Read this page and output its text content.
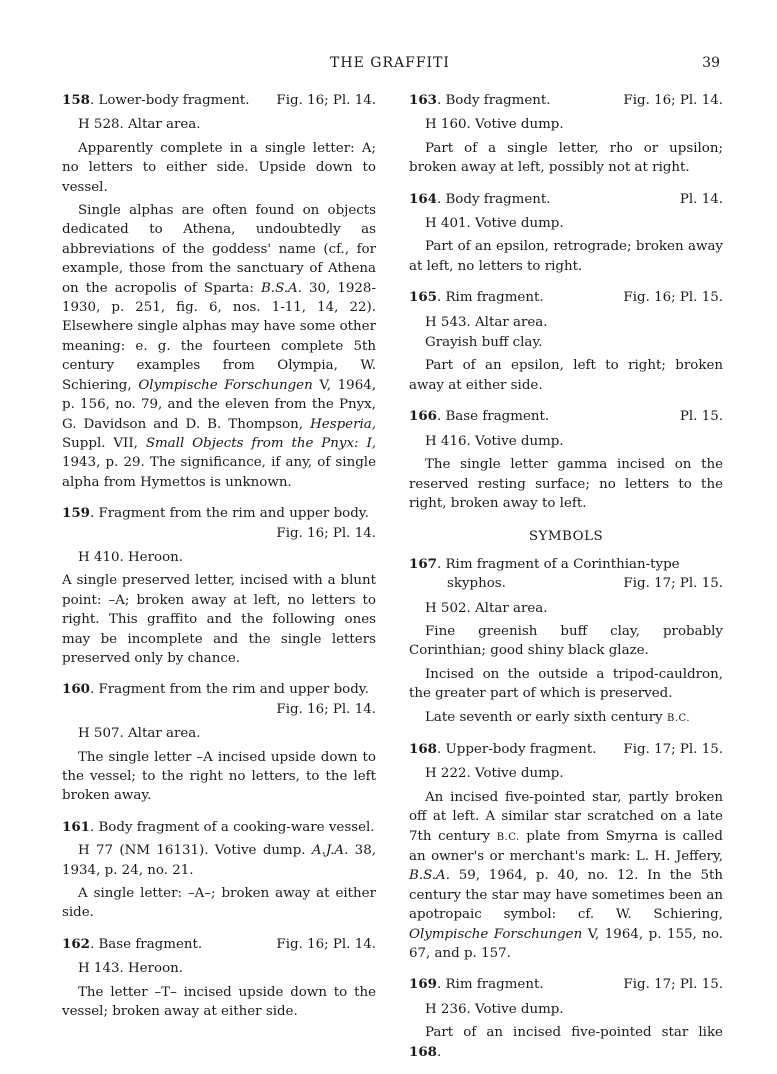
THE GRAFFITI	39
158. Lower-body fragment. Fig. 16; Pl. 14.
H 528. Altar area.

Apparently complete in a single letter: A; no letters to either side. Upside down to vessel.

Single alphas are often found on objects dedicated to Athena, undoubtedly as abbreviations of the goddess' name (cf., for example, those from the sanctuary of Athena on the acropolis of Sparta: B.S.A. 30, 1928-1930, p. 251, fig. 6, nos. 1-11, 14, 22). Elsewhere single alphas may have some other meaning: e. g. the fourteen complete 5th century examples from Olympia, W. Schiering, Olympische Forschungen V, 1964, p. 156, no. 79, and the eleven from the Pnyx, G. Davidson and D. B. Thompson, Hesperia, Suppl. VII, Small Objects from the Pnyx: I, 1943, p. 29. The significance, if any, of single alpha from Hymettos is unknown.

159. Fragment from the rim and upper body.
Fig. 16; Pl. 14.
H 410. Heroon.

A single preserved letter, incised with a blunt point: –A; broken away at left, no letters to right. This graffito and the following ones may be incomplete and the single letters preserved only by chance.

160. Fragment from the rim and upper body.
Fig. 16; Pl. 14.
H 507. Altar area.

The single letter –A incised upside down to the vessel; to the right no letters, to the left broken away.

161. Body fragment of a cooking-ware vessel.

H 77 (NM 16131). Votive dump. A.J.A. 38, 1934, p. 24, no. 21.

A single letter: –A–; broken away at either side.

162. Base fragment.	Fig. 16; Pl. 14.
H 143. Heroon.

The letter –T– incised upside down to the vessel; broken away at either side.

163. Body fragment.	Fig. 16; Pl. 14.
H 160. Votive dump.

Part of a single letter, rho or upsilon; broken away at left, possibly not at right.

164. Body fragment.	Pl. 14.
H 401. Votive dump.

Part of an epsilon, retrograde; broken away at left, no letters to right.

165. Rim fragment.	Fig. 16; Pl. 15.
H 543. Altar area.
Grayish buff clay.

Part of an epsilon, left to right; broken away at either side.

166. Base fragment.	Pl. 15.
H 416. Votive dump.

The single letter gamma incised on the reserved resting surface; no letters to the right, broken away to left.

SYMBOLS
167. Rim fragment of a Corinthian-type
skyphos.	Fig. 17; Pl. 15.
H 502. Altar area.

Fine greenish buff clay, probably Corinthian; good shiny black glaze.

Incised on the outside a tripod-cauldron, the greater part of which is preserved.

Late seventh or early sixth century B.C.

168. Upper-body fragment. Fig. 17; Pl. 15.
H 222. Votive dump.

An incised five-pointed star, partly broken off at left. A similar star scratched on a late 7th century B.C. plate from Smyrna is called an owner's or merchant's mark: L. H. Jeffery, B.S.A. 59, 1964, p. 40, no. 12. In the 5th century the star may have sometimes been an apotropaic symbol: cf. W. Schiering, Olympische Forschungen V, 1964, p. 155, no. 67, and p. 157.

169. Rim fragment.	Fig. 17; Pl. 15.
H 236. Votive dump.

Part of an incised five-pointed star like 168.
